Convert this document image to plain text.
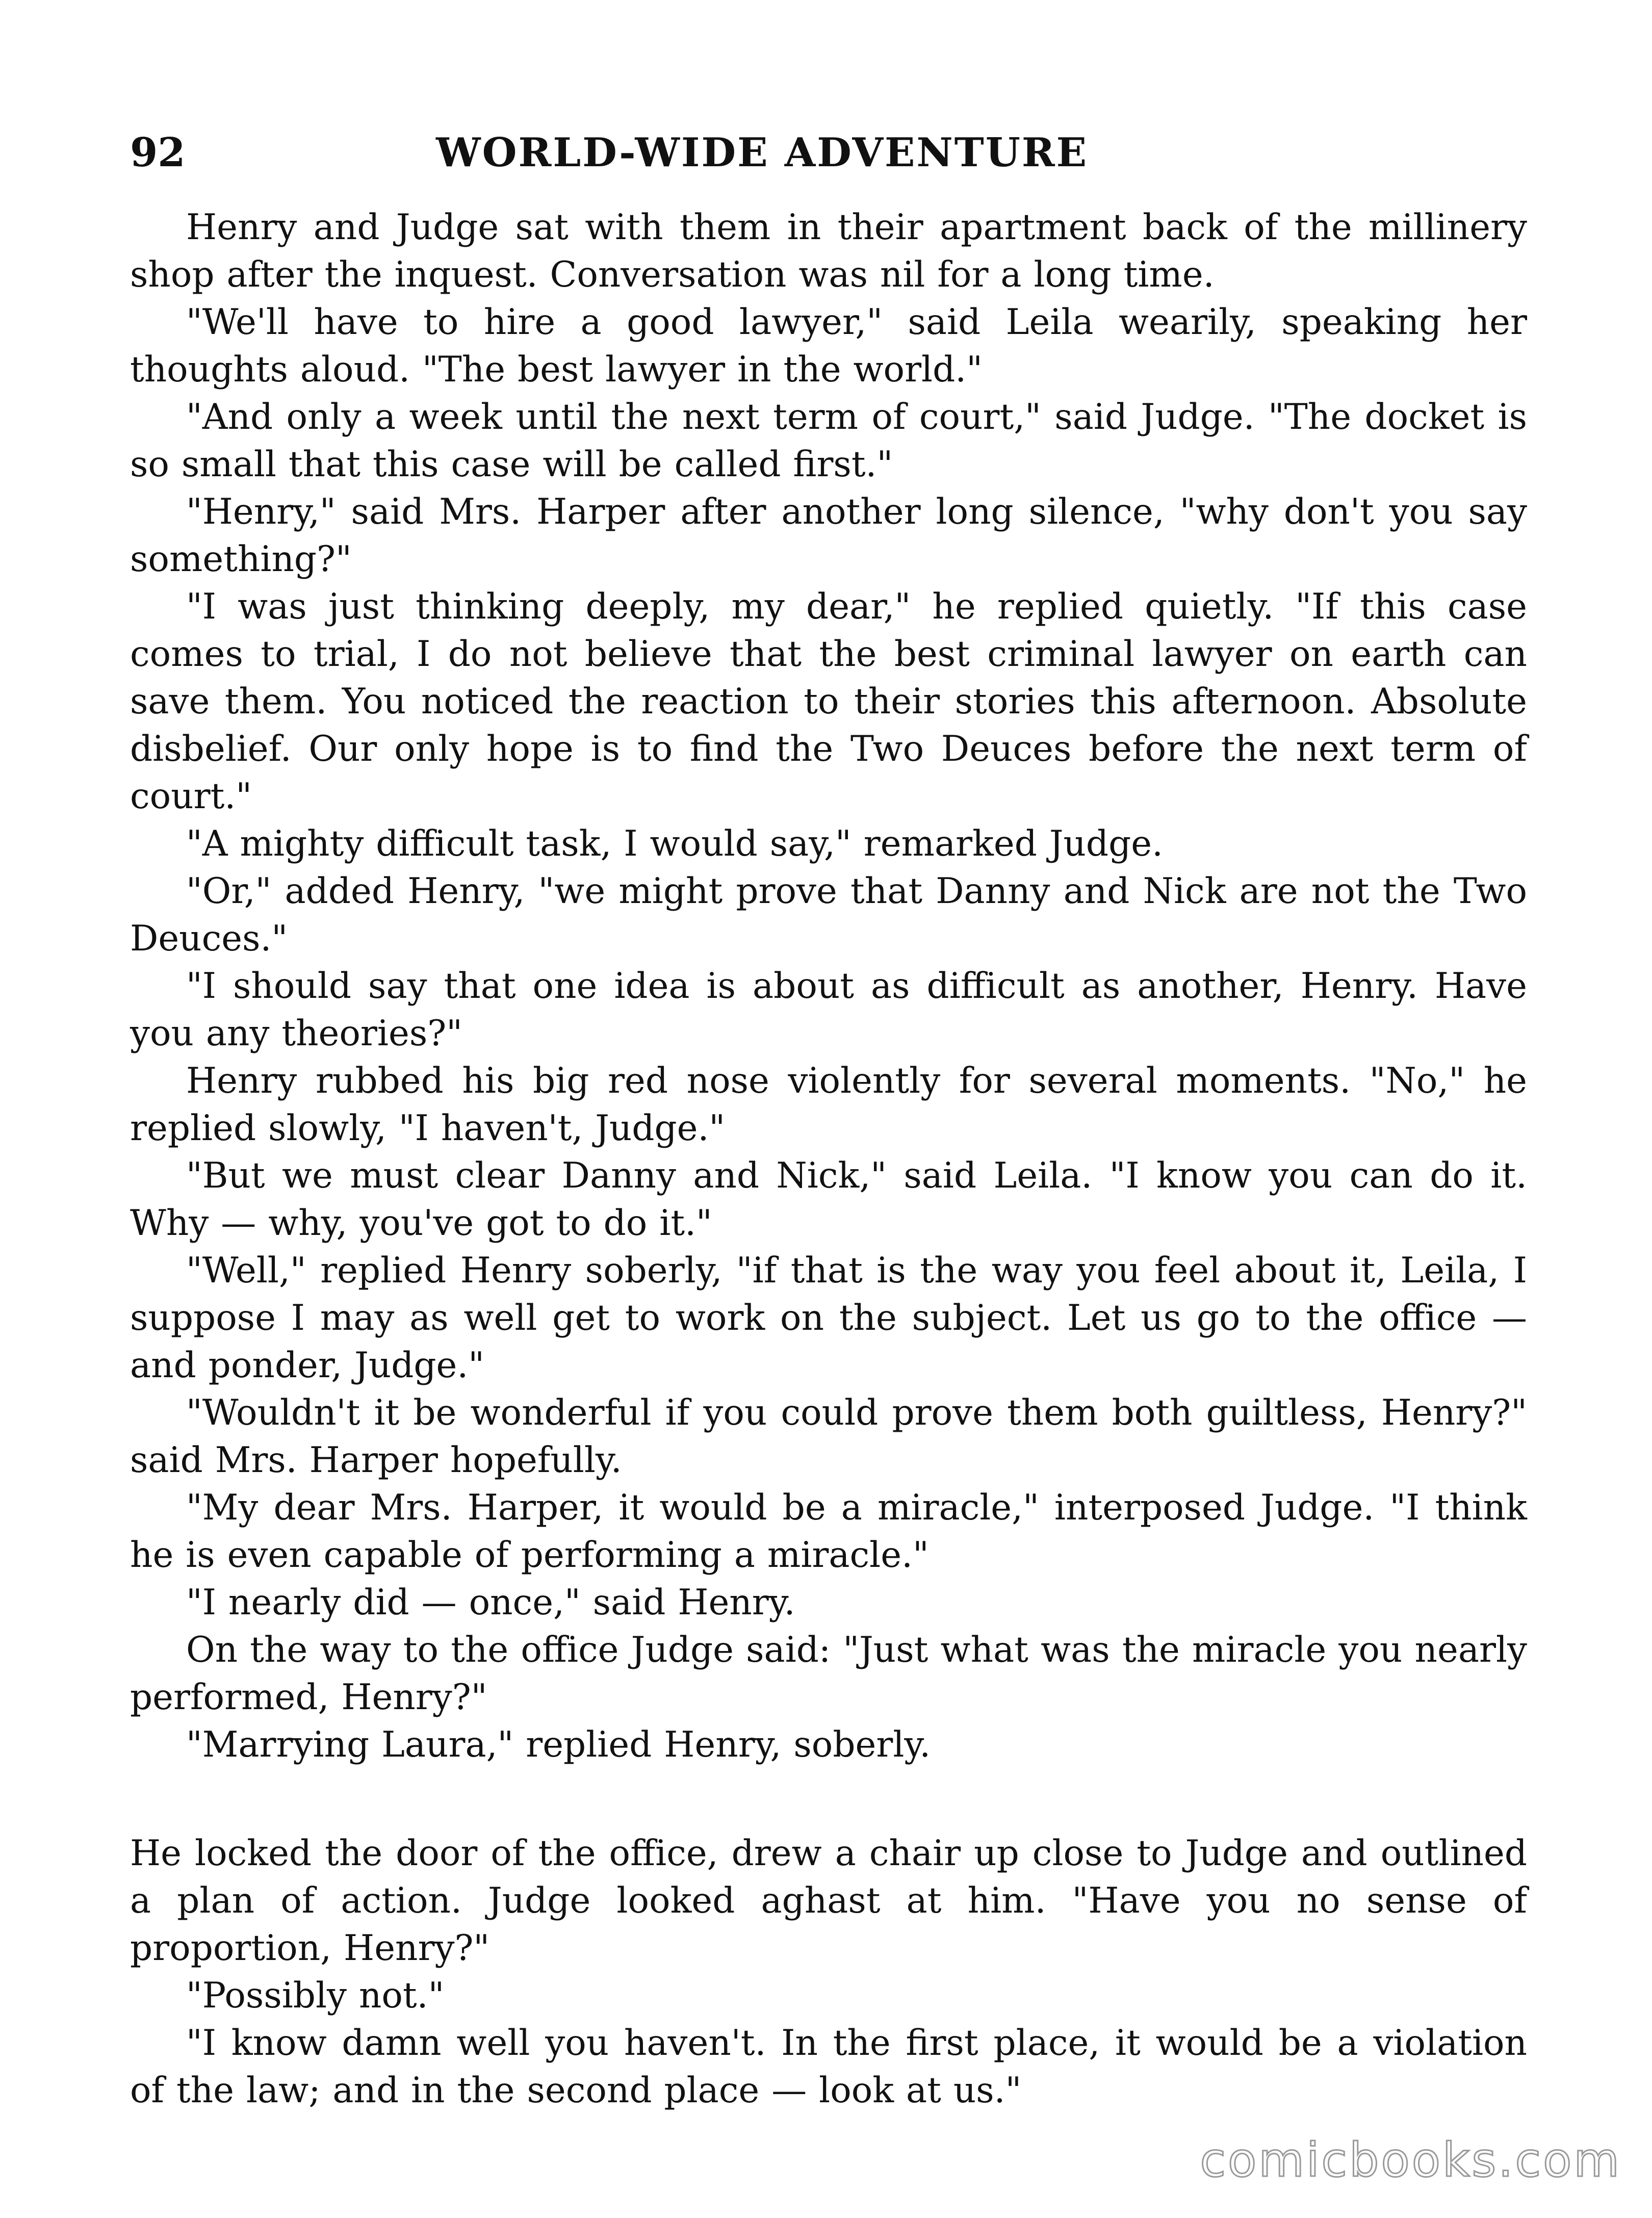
92	WORLD-WIDE ADVENTURE

Henry and Judge sat with them in their apartment back of the millinery shop after the inquest. Conversation was nil for a long time.

"We'll have to hire a good lawyer," said Leila wearily, speaking her thoughts aloud. "The best lawyer in the world."

"And only a week until the next term of court," said Judge. "The docket is so small that this case will be called first."

"Henry," said Mrs. Harper after another long silence, "why don't you say something?"

"I was just thinking deeply, my dear," he replied quietly. "If this case comes to trial, I do not believe that the best criminal lawyer on earth can save them. You noticed the reaction to their stories this afternoon. Absolute disbelief. Our only hope is to find the Two Deuces before the next term of court."

"A mighty difficult task, I would say," remarked Judge.

"Or," added Henry, "we might prove that Danny and Nick are not the Two Deuces."

"I should say that one idea is about as difficult as another, Henry. Have you any theories?"

Henry rubbed his big red nose violently for several moments. "No," he replied slowly, "I haven't, Judge."

"But we must clear Danny and Nick," said Leila. "I know you can do it. Why — why, you've got to do it."

"Well," replied Henry soberly, "if that is the way you feel about it, Leila, I suppose I may as well get to work on the subject. Let us go to the office — and ponder, Judge."

"Wouldn't it be wonderful if you could prove them both guiltless, Henry?" said Mrs. Harper hopefully.

"My dear Mrs. Harper, it would be a miracle," interposed Judge. "I think he is even capable of performing a miracle."

"I nearly did — once," said Henry.

On the way to the office Judge said: "Just what was the miracle you nearly performed, Henry?"

"Marrying Laura," replied Henry, soberly.

He locked the door of the office, drew a chair up close to Judge and outlined a plan of action. Judge looked aghast at him. "Have you no sense of proportion, Henry?"

"Possibly not."

"I know damn well you haven't. In the first place, it would be a violation of the law; and in the second place — look at us."

comicbooks.com
